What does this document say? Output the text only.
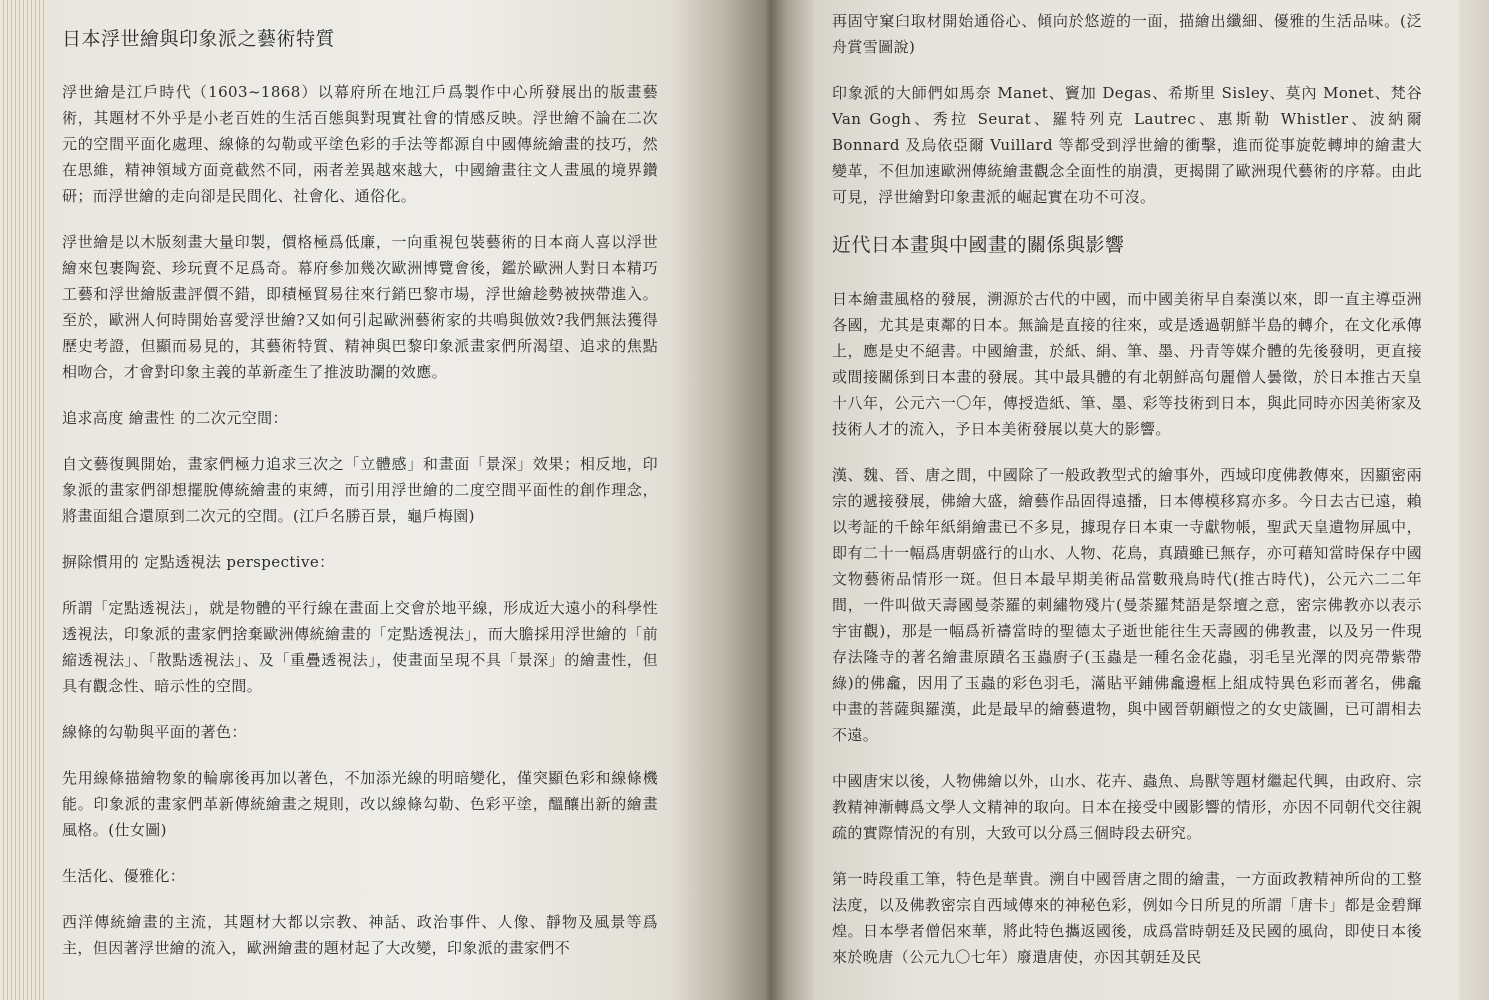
日本浮世繪與印象派之藝術特質

浮世繪是江戶時代（1603~1868）以幕府所在地江戶爲製作中心所發展出的版畫藝術，其題材不外乎是小老百姓的生活百態與對現實社會的情感反映。浮世繪不論在二次元的空間平面化處理、線條的勾勒或平塗色彩的手法等都源自中國傳統繪畫的技巧，然在思維，精神領域方面竟截然不同，兩者差異越來越大，中國繪畫往文人畫風的境界鑽研；而浮世繪的走向卻是民間化、社會化、通俗化。

浮世繪是以木版刻畫大量印製，價格極爲低廉，一向重視包裝藝術的日本商人喜以浮世繪來包裹陶瓷、珍玩賣不足爲奇。幕府參加幾次歐洲博覽會後，鑑於歐洲人對日本精巧工藝和浮世繪版畫評價不錯，即積極貿易往來行銷巴黎市場，浮世繪趁勢被挾帶進入。至於，歐洲人何時開始喜愛浮世繪?又如何引起歐洲藝術家的共鳴與倣效?我們無法獲得歷史考證，但顯而易見的，其藝術特質、精神與巴黎印象派畫家們所渴望、追求的焦點相吻合，才會對印象主義的革新產生了推波助瀾的效應。

追求高度 繪畫性 的二次元空間：

自文藝復興開始，畫家們極力追求三次之「立體感」和畫面「景深」效果；相反地，印象派的畫家們卻想擺脫傳統繪畫的束縛，而引用浮世繪的二度空間平面性的創作理念，將畫面組合還原到二次元的空間。(江戶名勝百景，龜戶梅園)

摒除慣用的 定點透視法 perspective：

所謂「定點透視法」，就是物體的平行線在畫面上交會於地平線，形成近大遠小的科學性透視法，印象派的畫家們捨棄歐洲傳統繪畫的「定點透視法」，而大膽採用浮世繪的「前縮透視法」、「散點透視法」、及「重疊透視法」，使畫面呈現不具「景深」的繪畫性，但具有觀念性、暗示性的空間。

線條的勾勒與平面的著色：

先用線條描繪物象的輪廓後再加以著色，不加添光線的明暗變化，僅突顯色彩和線條機能。印象派的畫家們革新傳統繪畫之規則，改以線條勾勒、色彩平塗，醞釀出新的繪畫風格。(仕女圖)

生活化、優雅化：

西洋傳統繪畫的主流，其題材大都以宗教、神話、政治事件、人像、靜物及風景等爲主，但因著浮世繪的流入，歐洲繪畫的題材起了大改變，印象派的畫家們不

再固守窠臼取材開始通俗心、傾向於悠遊的一面，描繪出纖細、優雅的生活品味。(泛舟賞雪圖說)

印象派的大師們如馬奈 Manet、竇加 Degas、希斯里 Sisley、莫內 Monet、梵谷 Van Gogh、秀拉 Seurat、羅特列克 Lautrec、惠斯勒 Whistler、波納爾 Bonnard 及烏依亞爾 Vuillard 等都受到浮世繪的衝擊，進而從事旋乾轉坤的繪畫大變革，不但加速歐洲傳統繪畫觀念全面性的崩潰，更揭開了歐洲現代藝術的序幕。由此可見，浮世繪對印象畫派的崛起實在功不可沒。

近代日本畫與中國畫的關係與影響

日本繪畫風格的發展，溯源於古代的中國，而中國美術早自秦漢以來，即一直主導亞洲各國，尤其是東鄰的日本。無論是直接的往來，或是透過朝鮮半島的轉介，在文化承傳上，應是史不絕書。中國繪畫，於紙、絹、筆、墨、丹青等媒介體的先後發明，更直接或間接關係到日本畫的發展。其中最具體的有北朝鮮高句麗僧人曇徵，於日本推古天皇十八年，公元六一〇年，傳授造紙、筆、墨、彩等技術到日本，與此同時亦因美術家及技術人才的流入，予日本美術發展以莫大的影響。

漢、魏、晉、唐之間，中國除了一般政教型式的繪事外，西域印度佛教傳來，因顯密兩宗的遞接發展，佛繪大盛，繪藝作品固得遠播，日本傳模移寫亦多。今日去古已遠，賴以考証的千餘年紙絹繪畫已不多見，據現存日本東一寺獻物帳，聖武天皇遺物屏風中，即有二十一幅爲唐朝盛行的山水、人物、花鳥，真蹟雖已無存，亦可藉知當時保存中國文物藝術品情形一斑。但日本最早期美術品當數飛鳥時代(推古時代)，公元六二二年間，一件叫做天壽國曼荼羅的刺繡物殘片(曼荼羅梵語是祭壇之意，密宗佛教亦以表示宇宙觀)，那是一幅爲祈禱當時的聖德太子逝世能往生天壽國的佛教畫，以及另一件現存法隆寺的著名繪畫原蹟名玉蟲廚子(玉蟲是一種名金花蟲，羽毛呈光澤的閃亮帶紫帶綠)的佛龕，因用了玉蟲的彩色羽毛，滿貼平鋪佛龕邊框上組成特異色彩而著名，佛龕中畫的菩薩與羅漢，此是最早的繪藝遺物，與中國晉朝顧愷之的女史箴圖，已可謂相去不遠。

中國唐宋以後，人物佛繪以外，山水、花卉、蟲魚、鳥獸等題材繼起代興，由政府、宗教精神漸轉爲文學人文精神的取向。日本在接受中國影響的情形，亦因不同朝代交往親疏的實際情況的有別，大致可以分爲三個時段去研究。

第一時段重工筆，特色是華貴。溯自中國晉唐之間的繪畫，一方面政教精神所尙的工整法度，以及佛教密宗自西域傳來的神秘色彩，例如今日所見的所謂「唐卡」都是金碧輝煌。日本學者僧侶來華，將此特色攜返國後，成爲當時朝廷及民國的風尙，即使日本後來於晚唐（公元九〇七年）廢遣唐使，亦因其朝廷及民
